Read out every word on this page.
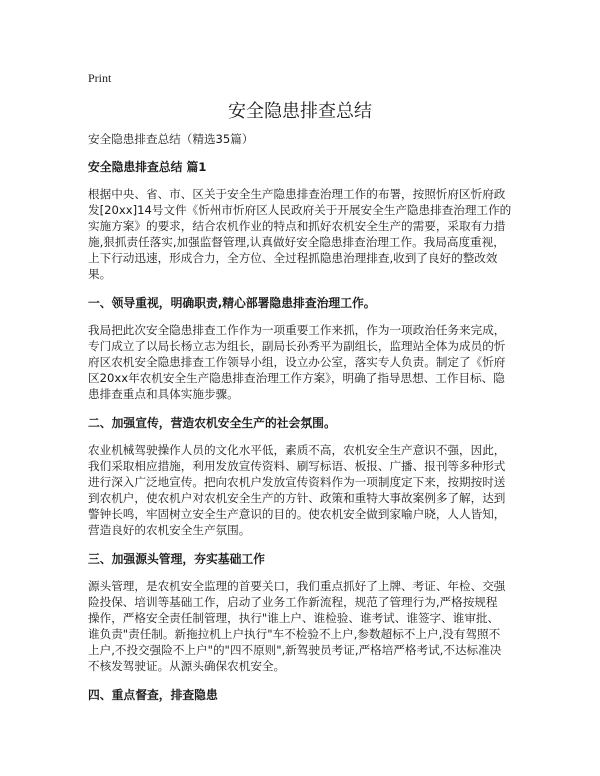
Print
安全隐患排查总结

安全隐患排查总结（精选35篇）

安全隐患排查总结 篇1

根据中央、省、市、区关于安全生产隐患排查治理工作的布署，按照忻府区忻府政
发[20xx]14号文件《忻州市忻府区人民政府关于开展安全生产隐患排查治理工作的
实施方案》的要求，结合农机作业的特点和抓好农机安全生产的需要，采取有力措
施,狠抓责任落实,加强监督管理,认真做好安全隐患排查治理工作。我局高度重视，
上下行动迅速，形成合力，全方位、全过程抓隐患治理排查,收到了良好的整改效
果。

一、领导重视，明确职责,精心部署隐患排查治理工作。

我局把此次安全隐患排查工作作为一项重要工作来抓，作为一项政治任务来完成，
专门成立了以局长杨立志为组长，副局长孙秀平为副组长，监理站全体为成员的忻
府区农机安全隐患排查工作领导小组，设立办公室，落实专人负责。制定了《忻府
区20xx年农机安全生产隐患排查治理工作方案》，明确了指导思想、工作目标、隐
患排查重点和具体实施步骤。

二、加强宣传，营造农机安全生产的社会氛围。

农业机械驾驶操作人员的文化水平低，素质不高，农机安全生产意识不强，因此，
我们采取相应措施，利用发放宣传资料、刷写标语、板报、广播、报刊等多种形式
进行深入广泛地宣传。把向农机户发放宣传资料作为一项制度定下来，按期按时送
到农机户，使农机户对农机安全生产的方针、政策和重特大事故案例多了解，达到
警钟长鸣，牢固树立安全生产意识的目的。使农机安全做到家喻户晓，人人皆知，
营造良好的农机安全生产氛围。

三、加强源头管理，夯实基础工作

源头管理，是农机安全监理的首要关口，我们重点抓好了上牌、考证、年检、交强
险投保、培训等基础工作，启动了业务工作新流程，规范了管理行为,严格按规程
操作，严格安全责任制管理，执行"谁上户、谁检验、谁考试、谁签字、谁审批、
谁负责"责任制。新拖拉机上户执行"车不检验不上户,参数超标不上户,没有驾照不
上户,不投交强险不上户"的"四不原则",新驾驶员考证,严格培严格考试,不达标准决
不核发驾驶证。从源头确保农机安全。

四、重点督查，排查隐患
